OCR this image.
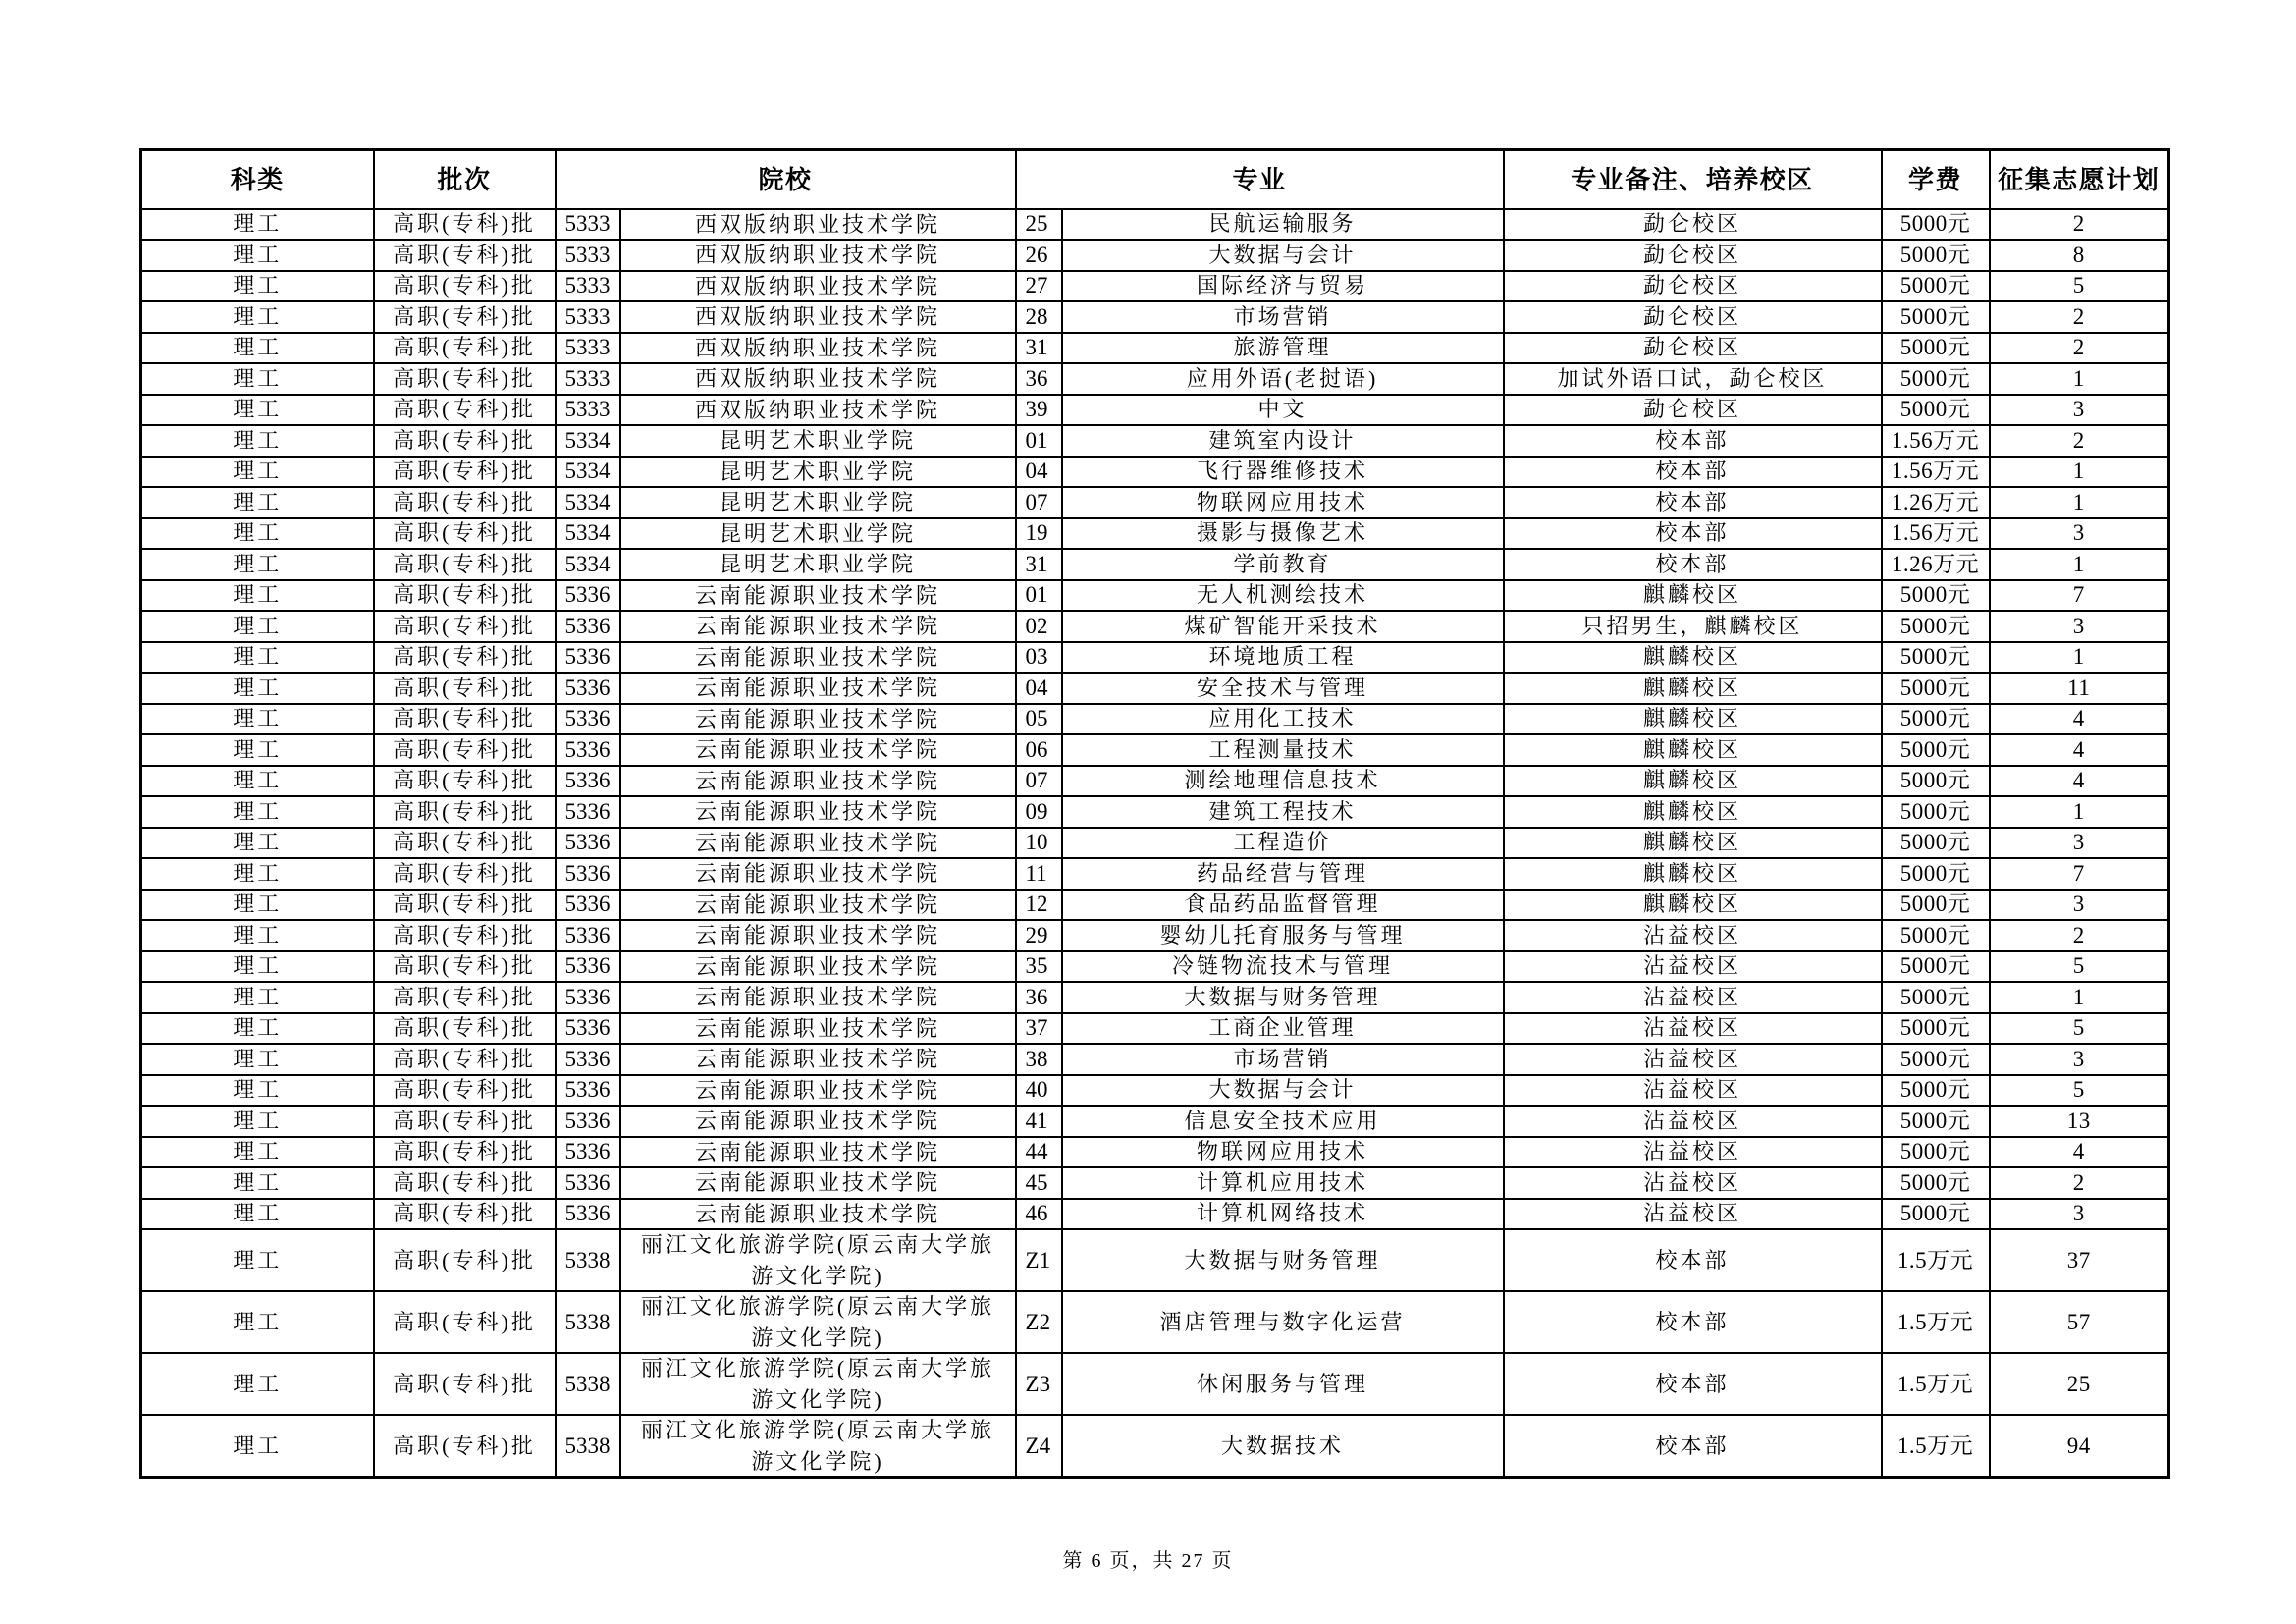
科类	批次	院校		专业		专业备注、培养校区	学费	征集志愿计划
理工	高职(专科)批	5333	西双版纳职业技术学院	25	民航运输服务	勐仑校区	5000元	2
理工	高职(专科)批	5333	西双版纳职业技术学院	26	大数据与会计	勐仑校区	5000元	8
理工	高职(专科)批	5333	西双版纳职业技术学院	27	国际经济与贸易	勐仑校区	5000元	5
理工	高职(专科)批	5333	西双版纳职业技术学院	28	市场营销	勐仑校区	5000元	2
理工	高职(专科)批	5333	西双版纳职业技术学院	31	旅游管理	勐仑校区	5000元	2
理工	高职(专科)批	5333	西双版纳职业技术学院	36	应用外语(老挝语)	加试外语口试，勐仑校区	5000元	1
理工	高职(专科)批	5333	西双版纳职业技术学院	39	中文	勐仑校区	5000元	3
理工	高职(专科)批	5334	昆明艺术职业学院	01	建筑室内设计	校本部	1.56万元	2
理工	高职(专科)批	5334	昆明艺术职业学院	04	飞行器维修技术	校本部	1.56万元	1
理工	高职(专科)批	5334	昆明艺术职业学院	07	物联网应用技术	校本部	1.26万元	1
理工	高职(专科)批	5334	昆明艺术职业学院	19	摄影与摄像艺术	校本部	1.56万元	3
理工	高职(专科)批	5334	昆明艺术职业学院	31	学前教育	校本部	1.26万元	1
理工	高职(专科)批	5336	云南能源职业技术学院	01	无人机测绘技术	麒麟校区	5000元	7
理工	高职(专科)批	5336	云南能源职业技术学院	02	煤矿智能开采技术	只招男生，麒麟校区	5000元	3
理工	高职(专科)批	5336	云南能源职业技术学院	03	环境地质工程	麒麟校区	5000元	1
理工	高职(专科)批	5336	云南能源职业技术学院	04	安全技术与管理	麒麟校区	5000元	11
理工	高职(专科)批	5336	云南能源职业技术学院	05	应用化工技术	麒麟校区	5000元	4
理工	高职(专科)批	5336	云南能源职业技术学院	06	工程测量技术	麒麟校区	5000元	4
理工	高职(专科)批	5336	云南能源职业技术学院	07	测绘地理信息技术	麒麟校区	5000元	4
理工	高职(专科)批	5336	云南能源职业技术学院	09	建筑工程技术	麒麟校区	5000元	1
理工	高职(专科)批	5336	云南能源职业技术学院	10	工程造价	麒麟校区	5000元	3
理工	高职(专科)批	5336	云南能源职业技术学院	11	药品经营与管理	麒麟校区	5000元	7
理工	高职(专科)批	5336	云南能源职业技术学院	12	食品药品监督管理	麒麟校区	5000元	3
理工	高职(专科)批	5336	云南能源职业技术学院	29	婴幼儿托育服务与管理	沾益校区	5000元	2
理工	高职(专科)批	5336	云南能源职业技术学院	35	冷链物流技术与管理	沾益校区	5000元	5
理工	高职(专科)批	5336	云南能源职业技术学院	36	大数据与财务管理	沾益校区	5000元	1
理工	高职(专科)批	5336	云南能源职业技术学院	37	工商企业管理	沾益校区	5000元	5
理工	高职(专科)批	5336	云南能源职业技术学院	38	市场营销	沾益校区	5000元	3
理工	高职(专科)批	5336	云南能源职业技术学院	40	大数据与会计	沾益校区	5000元	5
理工	高职(专科)批	5336	云南能源职业技术学院	41	信息安全技术应用	沾益校区	5000元	13
理工	高职(专科)批	5336	云南能源职业技术学院	44	物联网应用技术	沾益校区	5000元	4
理工	高职(专科)批	5336	云南能源职业技术学院	45	计算机应用技术	沾益校区	5000元	2
理工	高职(专科)批	5336	云南能源职业技术学院	46	计算机网络技术	沾益校区	5000元	3
理工	高职(专科)批	5338	丽江文化旅游学院(原云南大学旅游文化学院)	Z1	大数据与财务管理	校本部	1.5万元	37
理工	高职(专科)批	5338	丽江文化旅游学院(原云南大学旅游文化学院)	Z2	酒店管理与数字化运营	校本部	1.5万元	57
理工	高职(专科)批	5338	丽江文化旅游学院(原云南大学旅游文化学院)	Z3	休闲服务与管理	校本部	1.5万元	25
理工	高职(专科)批	5338	丽江文化旅游学院(原云南大学旅游文化学院)	Z4	大数据技术	校本部	1.5万元	94
第 6 页，共 27 页
